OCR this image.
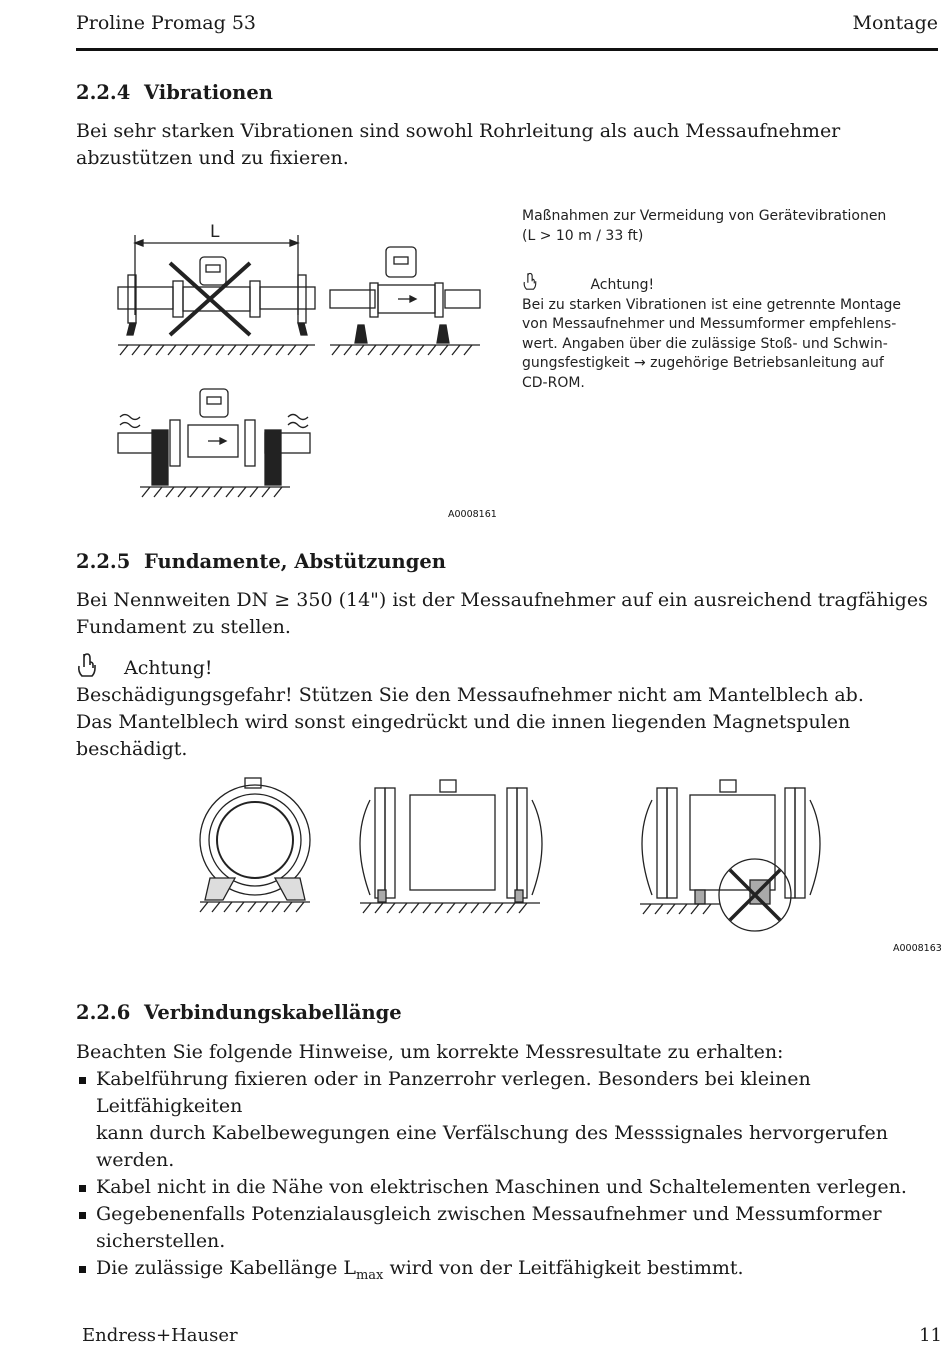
Proline Promag 53	Montage
2.2.4 Vibrationen
Bei sehr starken Vibrationen sind sowohl Rohrleitung als auch Messaufnehmer abzustützen und zu fixieren.
L
Maßnahmen zur Vermeidung von Gerätevibrationen
(L > 10 m / 33 ft)
Achtung!
Bei zu starken Vibrationen ist eine getrennte Montage
von Messaufnehmer und Messumformer empfehlens-
wert. Angaben über die zulässige Stoß- und Schwin-
gungsfestigkeit → zugehörige Betriebsanleitung auf
CD-ROM.
A0008161
2.2.5 Fundamente, Abstützungen
Bei Nennweiten DN ≥ 350 (14") ist der Messaufnehmer auf ein ausreichend tragfähiges
Fundament zu stellen.
Achtung!
Beschädigungsgefahr! Stützen Sie den Messaufnehmer nicht am Mantelblech ab.
Das Mantelblech wird sonst eingedrückt und die innen liegenden Magnetspulen beschädigt.
A0008163
2.2.6 Verbindungskabellänge
Beachten Sie folgende Hinweise, um korrekte Messresultate zu erhalten:
Kabelführung fixieren oder in Panzerrohr verlegen. Besonders bei kleinen Leitfähigkeiten
kann durch Kabelbewegungen eine Verfälschung des Messsignales hervorgerufen werden.
Kabel nicht in die Nähe von elektrischen Maschinen und Schaltelementen verlegen.
Gegebenenfalls Potenzialausgleich zwischen Messaufnehmer und Messumformer
sicherstellen.
Die zulässige Kabellänge $L_{max}$ wird von der Leitfähigkeit bestimmt.
Endress+Hauser	11
